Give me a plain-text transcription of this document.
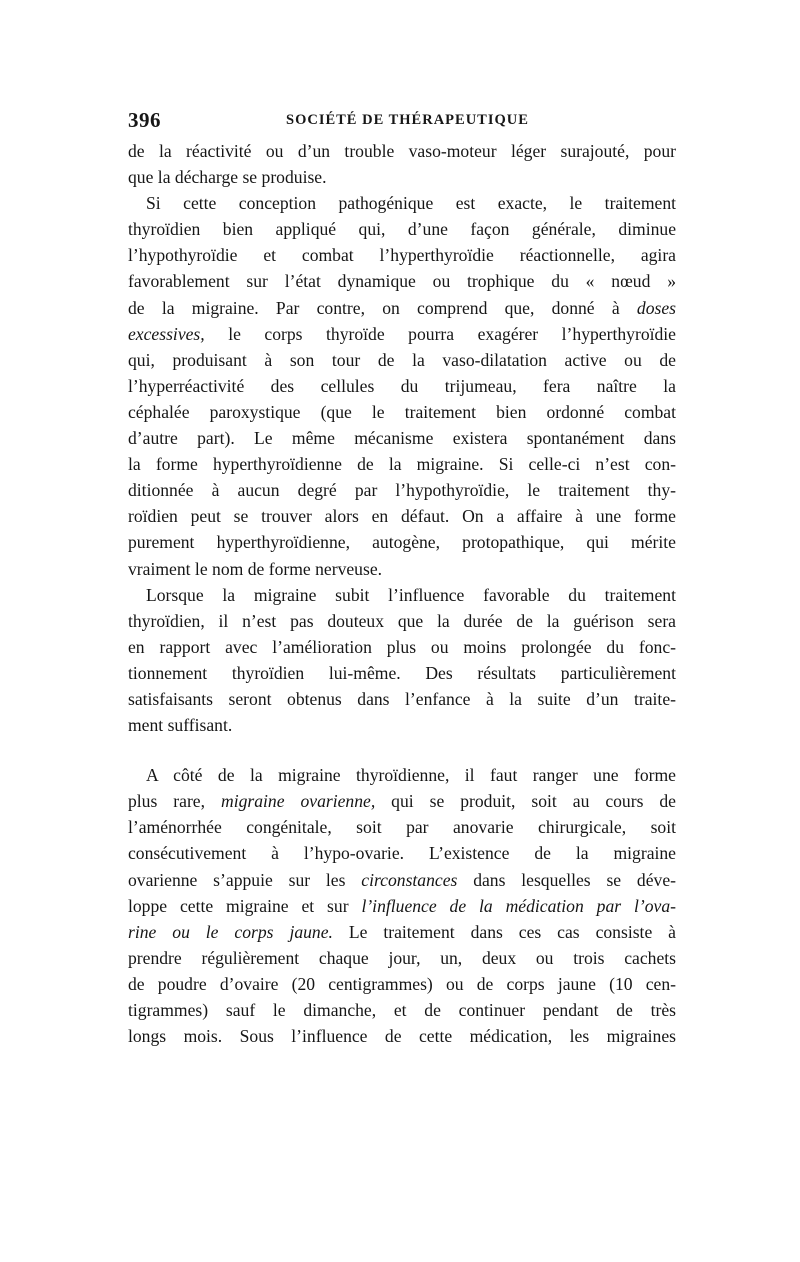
396	SOCIÉTÉ DE THÉRAPEUTIQUE
de la réactivité ou d’un trouble vaso-moteur léger surajouté, pour
que la décharge se produise.
Si cette conception pathogénique est exacte, le traitement
thyroïdien bien appliqué qui, d’une façon générale, diminue
l’hypothyroïdie et combat l’hyperthyroïdie réactionnelle, agira
favorablement sur l’état dynamique ou trophique du « nœud »
de la migraine. Par contre, on comprend que, donné à doses
excessives, le corps thyroïde pourra exagérer l’hyperthyroïdie
qui, produisant à son tour de la vaso-dilatation active ou de
l’hyperréactivité des cellules du trijumeau, fera naître la
céphalée paroxystique (que le traitement bien ordonné combat
d’autre part). Le même mécanisme existera spontanément dans
la forme hyperthyroïdienne de la migraine. Si celle-ci n’est con-
ditionnée à aucun degré par l’hypothyroïdie, le traitement thy-
roïdien peut se trouver alors en défaut. On a affaire à une forme
purement hyperthyroïdienne, autogène, protopathique, qui mérite
vraiment le nom de forme nerveuse.
Lorsque la migraine subit l’influence favorable du traitement
thyroïdien, il n’est pas douteux que la durée de la guérison sera
en rapport avec l’amélioration plus ou moins prolongée du fonc-
tionnement thyroïdien lui-même. Des résultats particulièrement
satisfaisants seront obtenus dans l’enfance à la suite d’un traite-
ment suffisant.
A côté de la migraine thyroïdienne, il faut ranger une forme
plus rare, migraine ovarienne, qui se produit, soit au cours de
l’aménorrhée congénitale, soit par anovarie chirurgicale, soit
consécutivement à l’hypo-ovarie. L’existence de la migraine
ovarienne s’appuie sur les circonstances dans lesquelles se déve-
loppe cette migraine et sur l’influence de la médication par l’ova-
rine ou le corps jaune. Le traitement dans ces cas consiste à
prendre régulièrement chaque jour, un, deux ou trois cachets
de poudre d’ovaire (20 centigrammes) ou de corps jaune (10 cen-
tigrammes) sauf le dimanche, et de continuer pendant de très
longs mois. Sous l’influence de cette médication, les migraines
